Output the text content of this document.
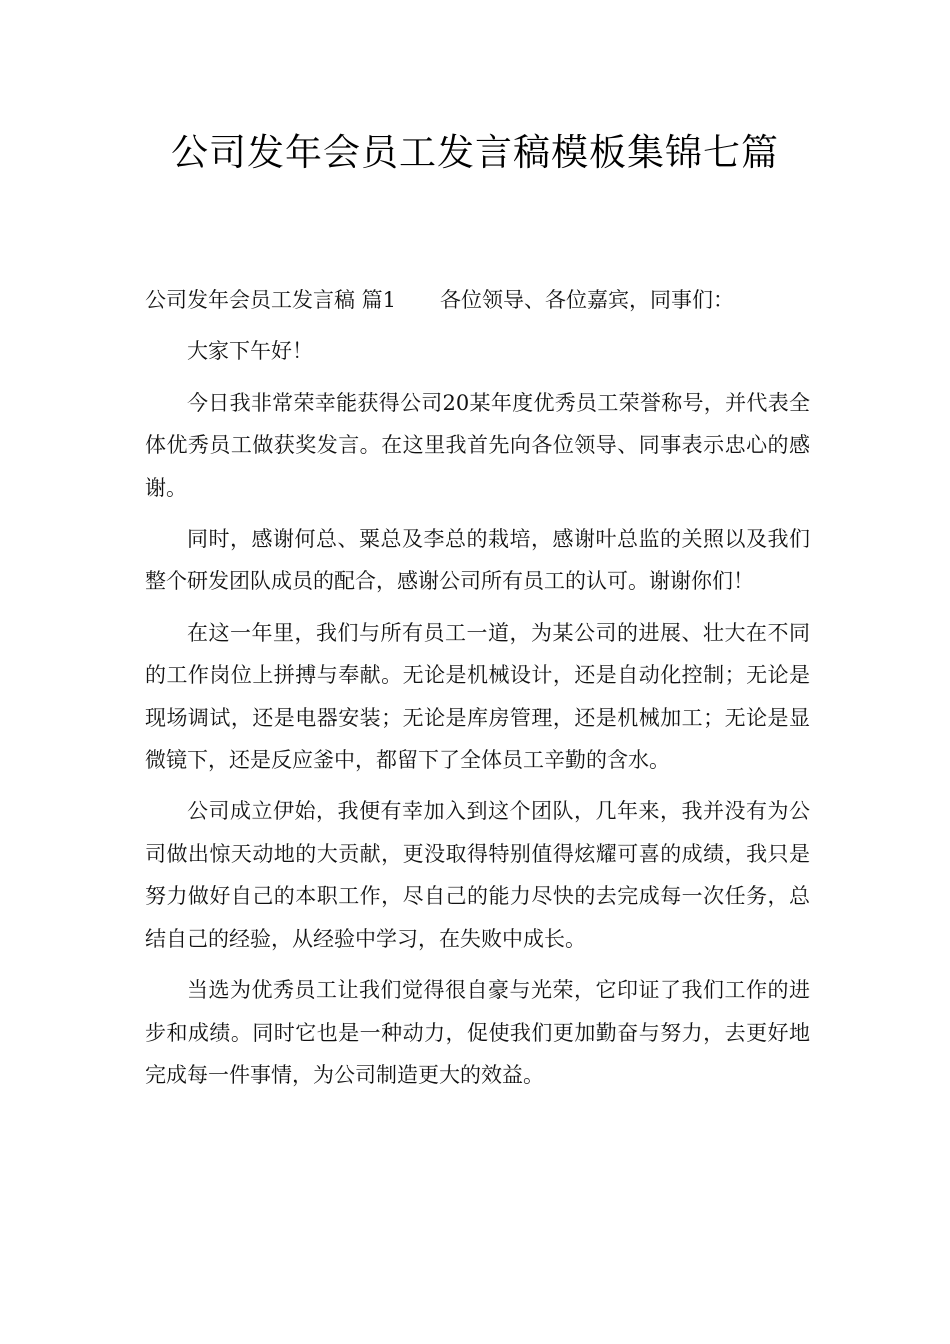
公司发年会员工发言稿模板集锦七篇

公司发年会员工发言稿 篇1 各位领导、各位嘉宾，同事们：

大家下午好！

今日我非常荣幸能获得公司20某年度优秀员工荣誉称号，并代表全体优秀员工做获奖发言。在这里我首先向各位领导、同事表示忠心的感谢。

同时，感谢何总、粟总及李总的栽培，感谢叶总监的关照以及我们整个研发团队成员的配合，感谢公司所有员工的认可。谢谢你们！

在这一年里，我们与所有员工一道，为某公司的进展、壮大在不同的工作岗位上拼搏与奉献。无论是机械设计，还是自动化控制；无论是现场调试，还是电器安装；无论是库房管理，还是机械加工；无论是显微镜下，还是反应釜中，都留下了全体员工辛勤的含水。

公司成立伊始，我便有幸加入到这个团队，几年来，我并没有为公司做出惊天动地的大贡献，更没取得特别值得炫耀可喜的成绩，我只是努力做好自己的本职工作，尽自己的能力尽快的去完成每一次任务，总结自己的经验，从经验中学习，在失败中成长。

当选为优秀员工让我们觉得很自豪与光荣，它印证了我们工作的进步和成绩。同时它也是一种动力，促使我们更加勤奋与努力，去更好地完成每一件事情，为公司制造更大的效益。
